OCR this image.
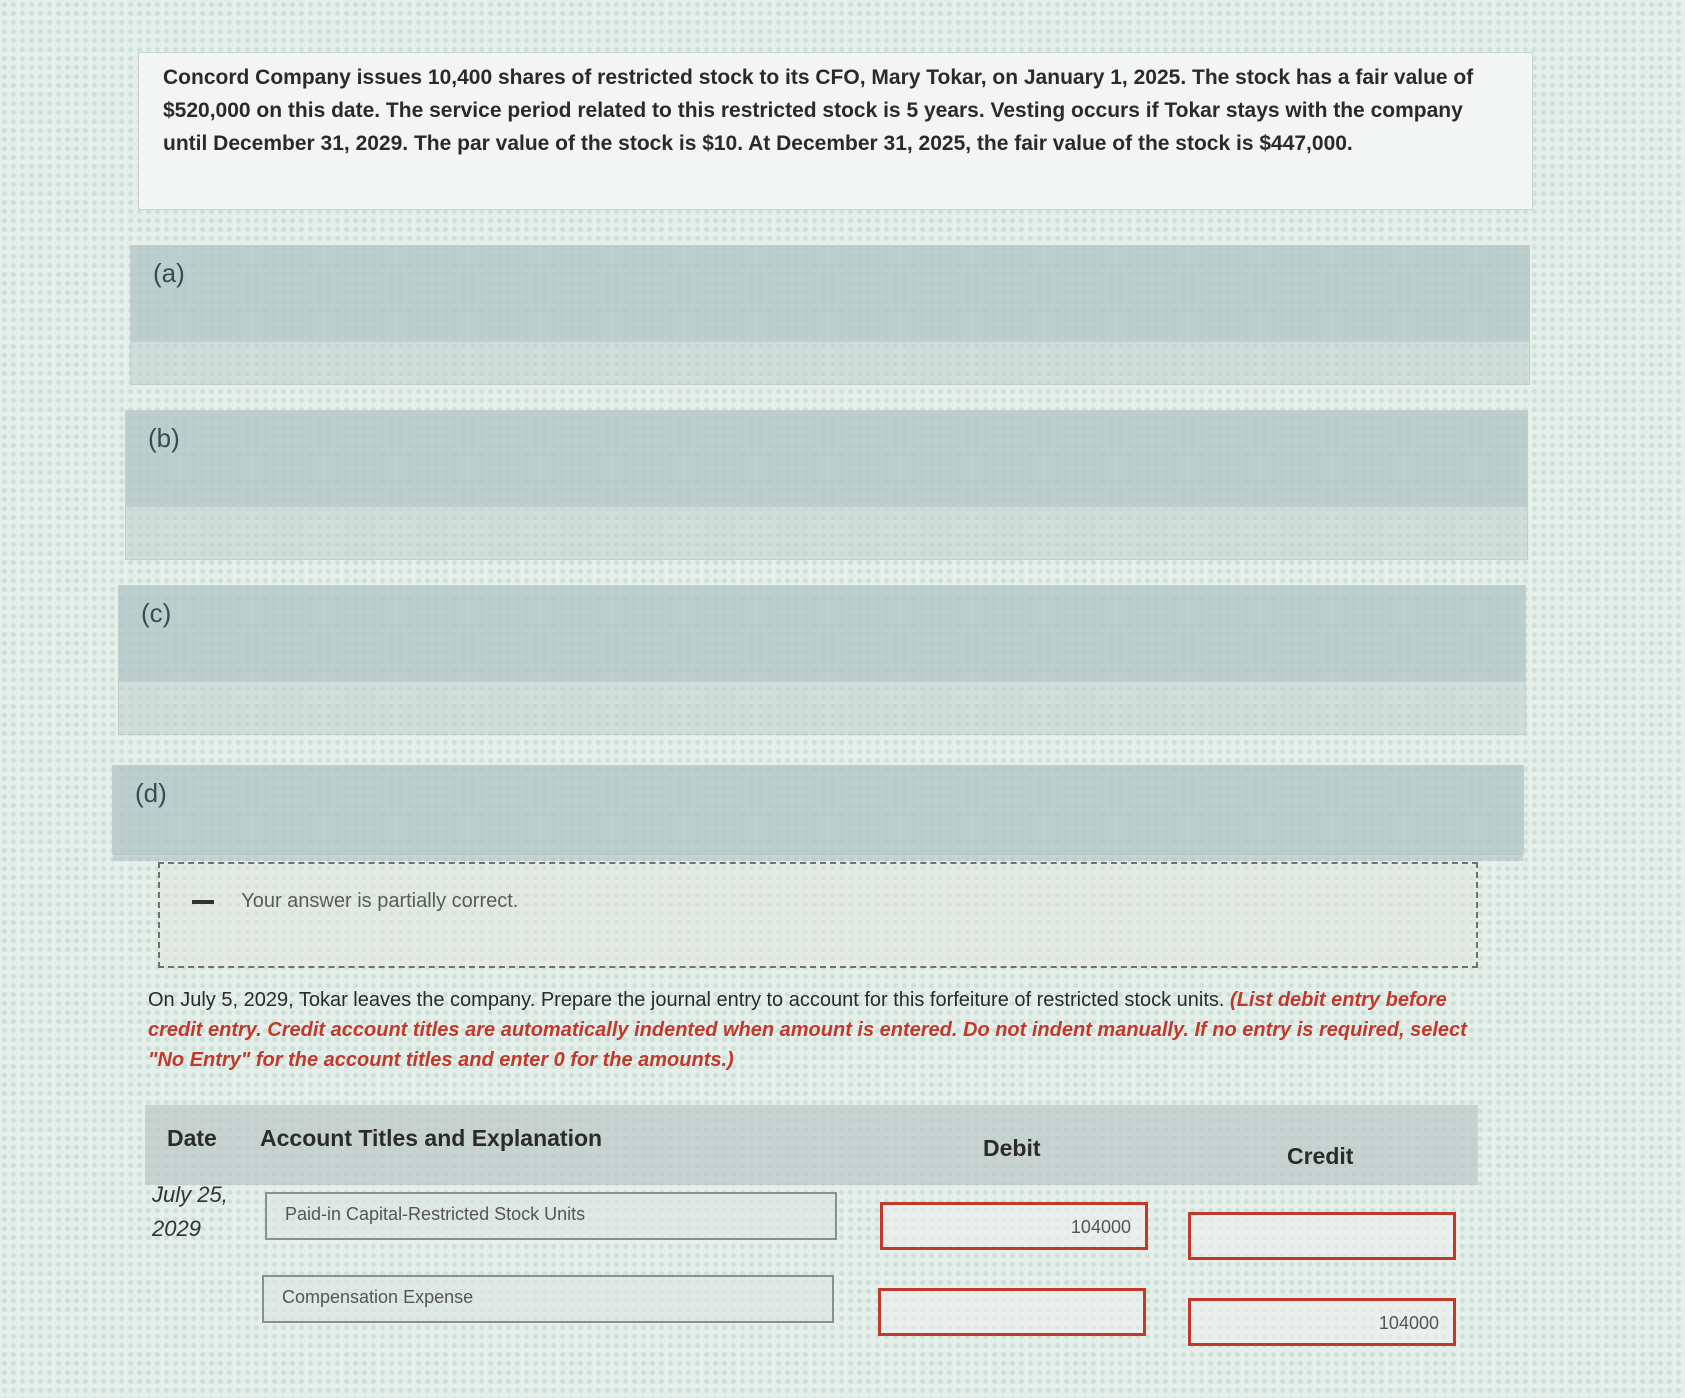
Concord Company issues 10,400 shares of restricted stock to its CFO, Mary Tokar, on January 1, 2025. The stock has a fair value of $520,000 on this date. The service period related to this restricted stock is 5 years. Vesting occurs if Tokar stays with the company until December 31, 2029. The par value of the stock is $10. At December 31, 2025, the fair value of the stock is $447,000.
(a)
(b)
(c)
(d)
Your answer is partially correct.
On July 5, 2029, Tokar leaves the company. Prepare the journal entry to account for this forfeiture of restricted stock units. (List debit entry before credit entry. Credit account titles are automatically indented when amount is entered. Do not indent manually. If no entry is required, select "No Entry" for the account titles and enter 0 for the amounts.)
Date Account Titles and Explanation	Debit	Credit
July 25,
2029
Paid-in Capital-Restricted Stock Units
104000
Compensation Expense
104000
